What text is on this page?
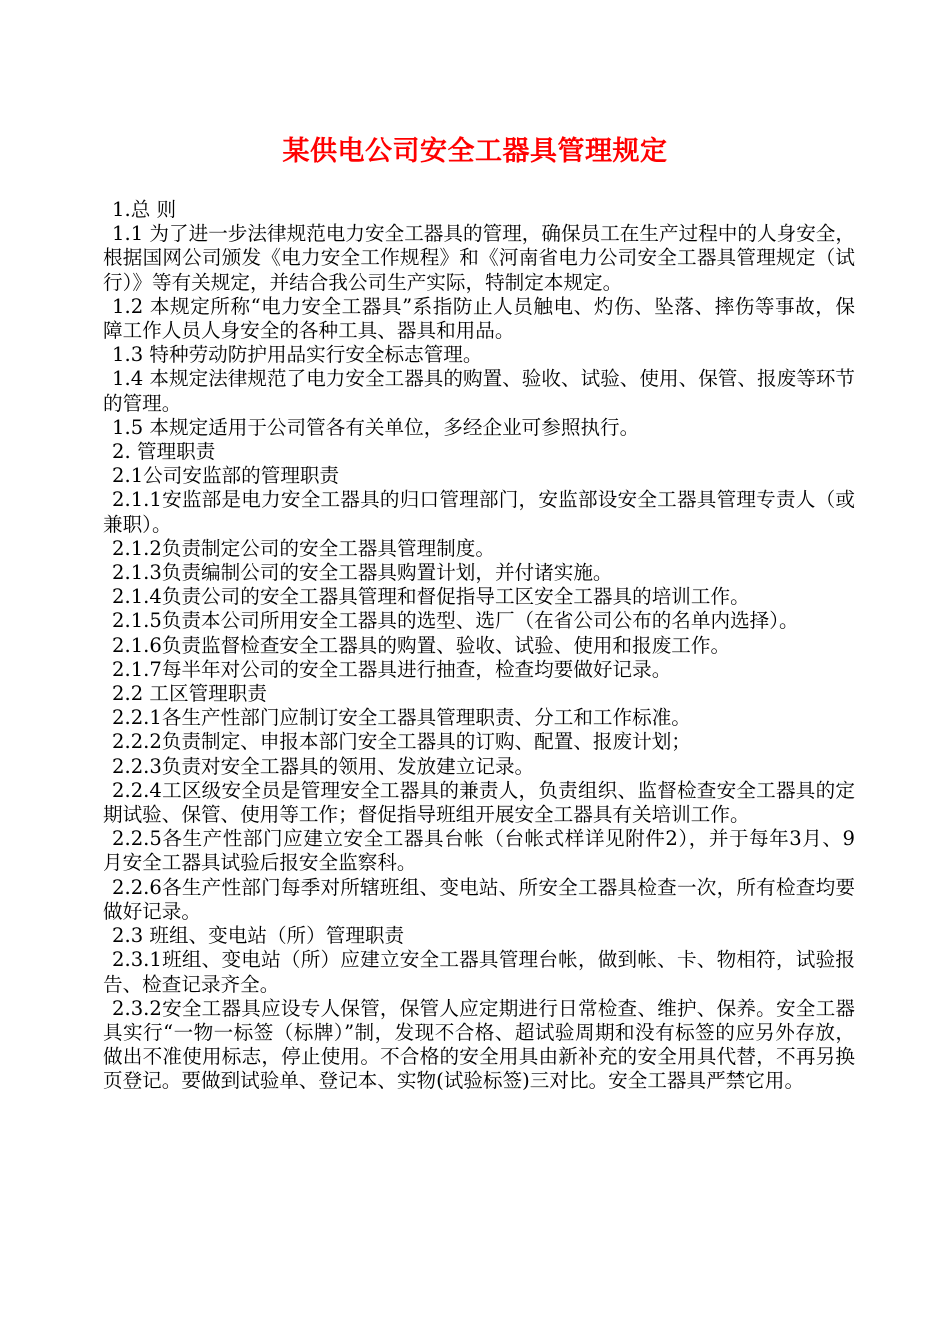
某供电公司安全工器具管理规定

1.总 则

1.1 为了进一步法律规范电力安全工器具的管理，确保员工在生产过程中的人身安全，根据国网公司颁发《电力安全工作规程》和《河南省电力公司安全工器具管理规定（试行）》等有关规定，并结合我公司生产实际，特制定本规定。

1.2 本规定所称“电力安全工器具”系指防止人员触电、灼伤、坠落、摔伤等事故，保障工作人员人身安全的各种工具、器具和用品。

1.3 特种劳动防护用品实行安全标志管理。

1.4 本规定法律规范了电力安全工器具的购置、验收、试验、使用、保管、报废等环节的管理。

1.5 本规定适用于公司管各有关单位，多经企业可参照执行。

2. 管理职责

2.1公司安监部的管理职责

2.1.1安监部是电力安全工器具的归口管理部门，安监部设安全工器具管理专责人（或兼职）。

2.1.2负责制定公司的安全工器具管理制度。

2.1.3负责编制公司的安全工器具购置计划，并付诸实施。

2.1.4负责公司的安全工器具管理和督促指导工区安全工器具的培训工作。

2.1.5负责本公司所用安全工器具的选型、选厂（在省公司公布的名单内选择）。

2.1.6负责监督检查安全工器具的购置、验收、试验、使用和报废工作。

2.1.7每半年对公司的安全工器具进行抽查，检查均要做好记录。

2.2 工区管理职责

2.2.1各生产性部门应制订安全工器具管理职责、分工和工作标准。

2.2.2负责制定、申报本部门安全工器具的订购、配置、报废计划；

2.2.3负责对安全工器具的领用、发放建立记录。

2.2.4工区级安全员是管理安全工器具的兼责人，负责组织、监督检查安全工器具的定期试验、保管、使用等工作；督促指导班组开展安全工器具有关培训工作。

2.2.5各生产性部门应建立安全工器具台帐（台帐式样详见附件2），并于每年3月、9月安全工器具试验后报安全监察科。

2.2.6各生产性部门每季对所辖班组、变电站、所安全工器具检查一次，所有检查均要做好记录。

2.3 班组、变电站（所）管理职责

2.3.1班组、变电站（所）应建立安全工器具管理台帐，做到帐、卡、物相符，试验报告、检查记录齐全。

2.3.2安全工器具应设专人保管，保管人应定期进行日常检查、维护、保养。安全工器具实行“一物一标签（标牌）”制，发现不合格、超试验周期和没有标签的应另外存放，做出不准使用标志，停止使用。不合格的安全用具由新补充的安全用具代替，不再另换页登记。要做到试验单、登记本、实物(试验标签)三对比。安全工器具严禁它用。
